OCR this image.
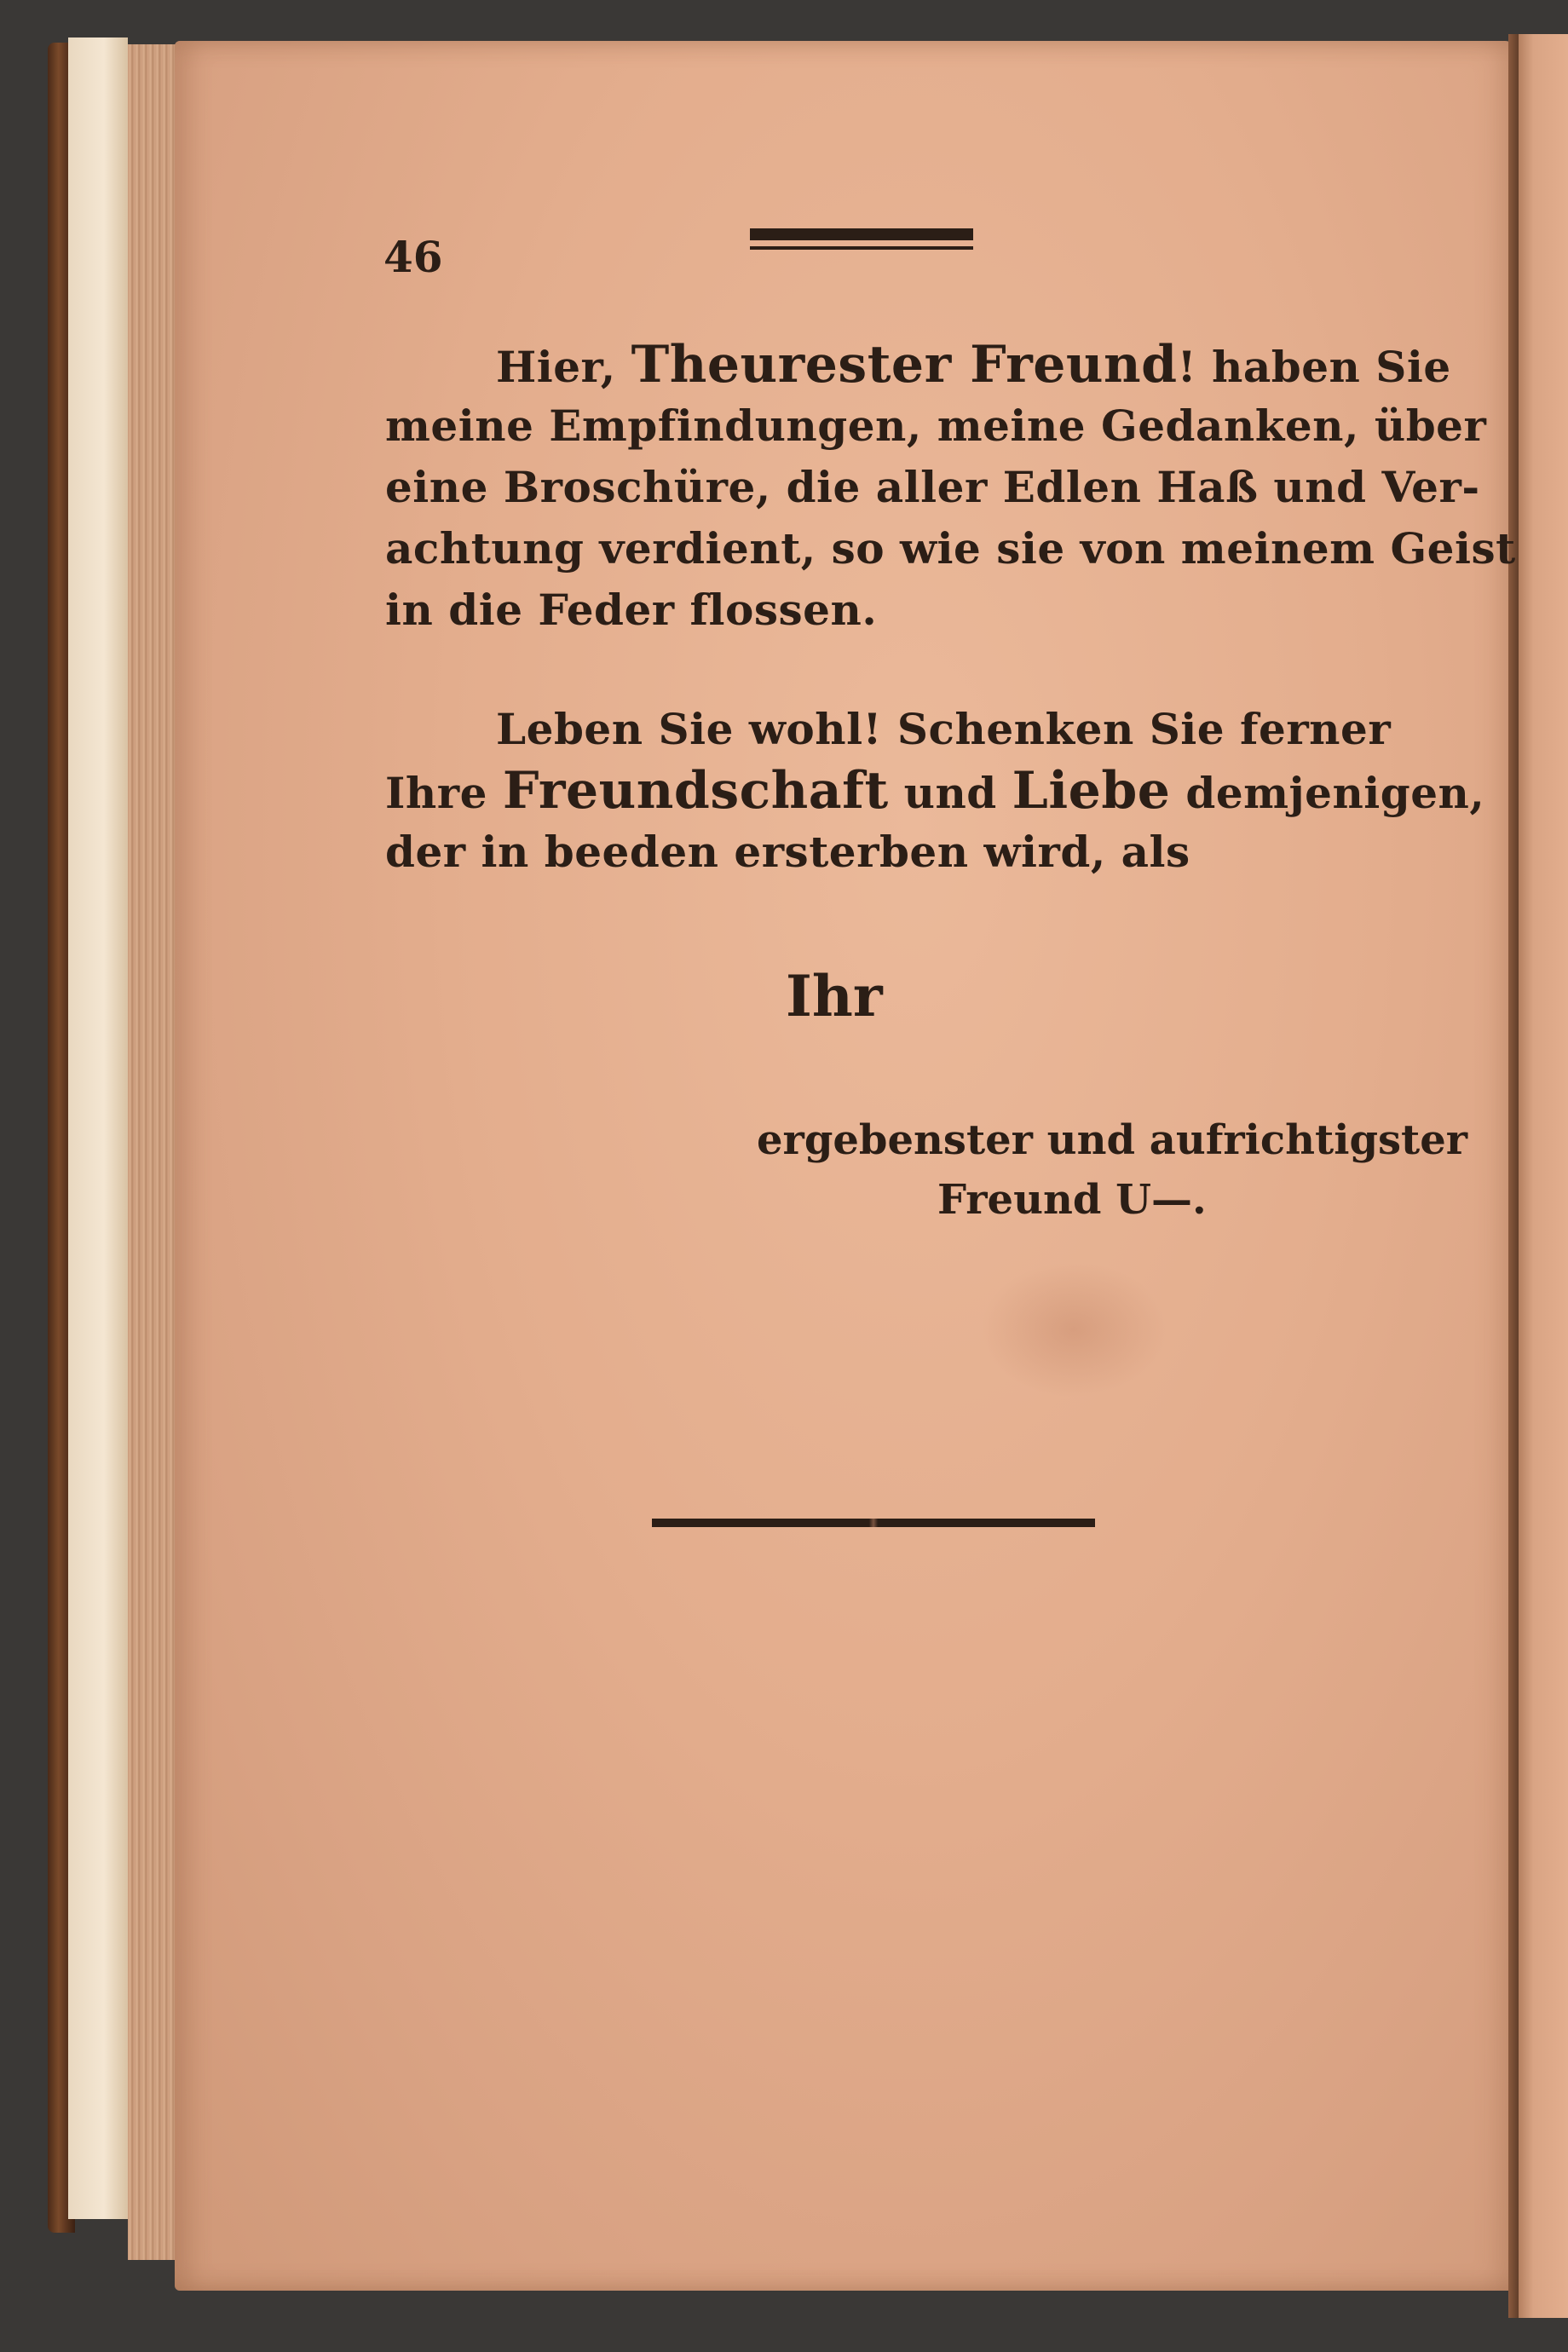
46
Hier, Theurester Freund! haben Sie
meine Empfindungen, meine Gedanken, über
eine Broschüre, die aller Edlen Haß und Ver-
achtung verdient, so wie sie von meinem Geist
in die Feder flossen.
Leben Sie wohl! Schenken Sie ferner
Ihre Freundschaft und Liebe demjenigen,
der in beeden ersterben wird, als
Ihr
ergebenster und aufrichtigster
Freund U—.
